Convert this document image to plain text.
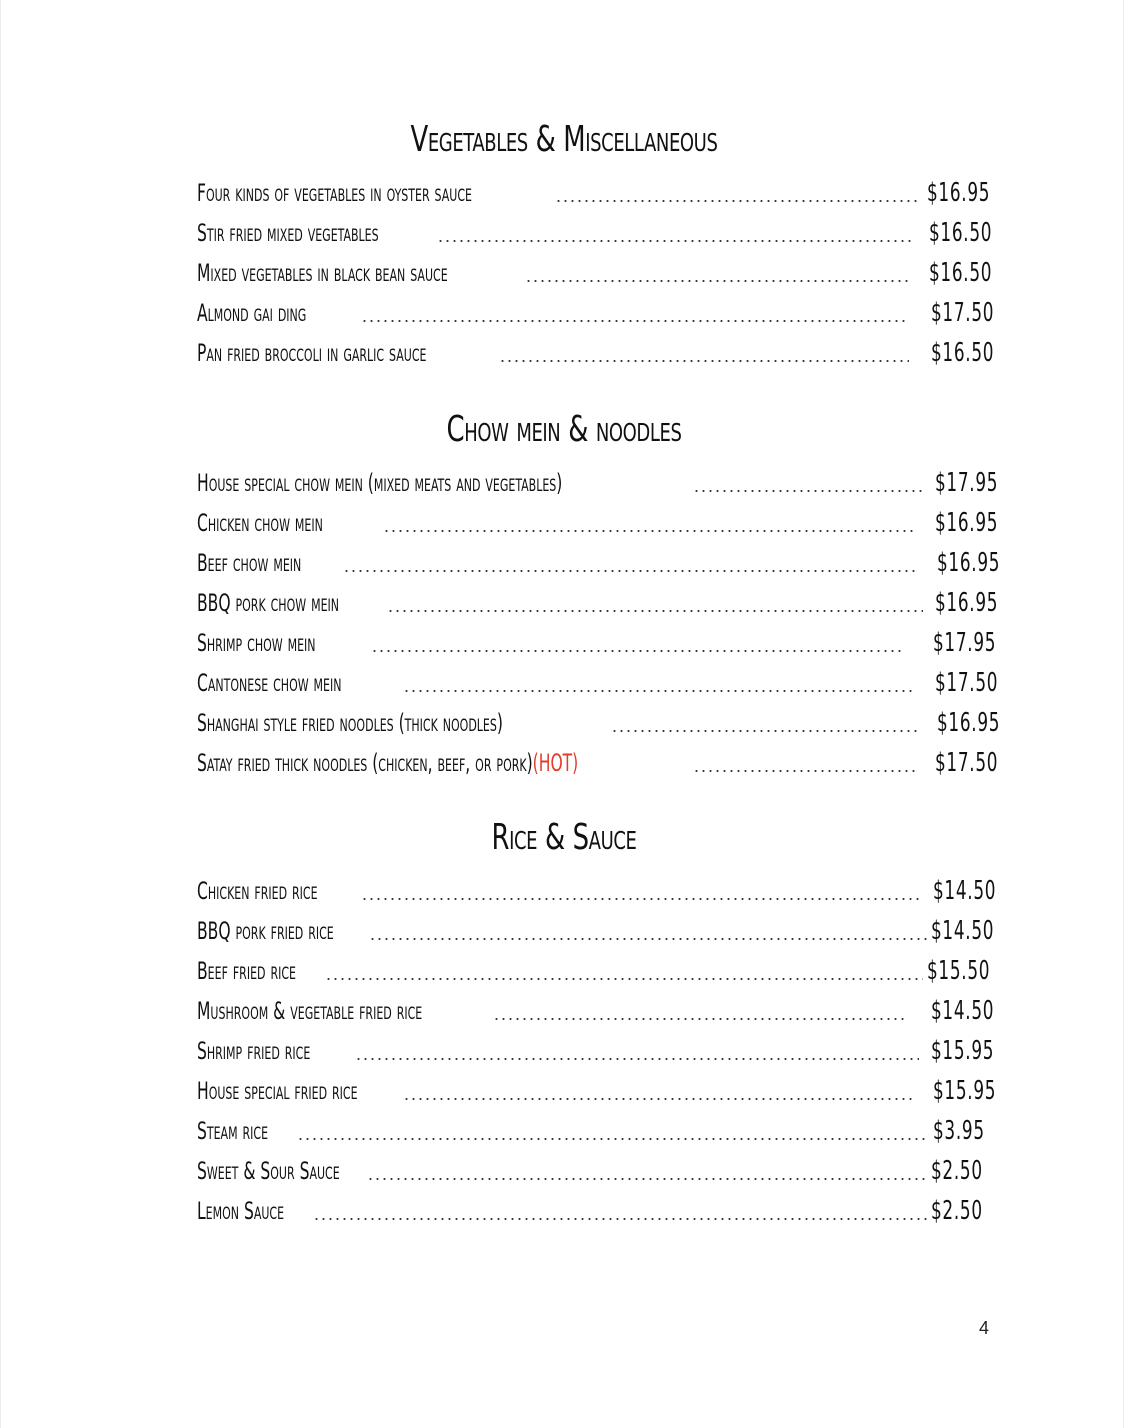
Vegetables & Miscellaneous
Four kinds of vegetables in oyster sauce	$16.95
Stir fried mixed vegetables	$16.50
Mixed vegetables in black bean sauce	$16.50
Almond gai ding	$17.50
Pan fried broccoli in garlic sauce	$16.50
Chow mein & noodles
House special chow mein (mixed meats and vegetables)	$17.95
Chicken chow mein	$16.95
Beef chow mein	$16.95
BBQ pork chow mein	$16.95
Shrimp chow mein	$17.95
Cantonese chow mein	$17.50
Shanghai style fried noodles (thick noodles)	$16.95
Satay fried thick noodles (chicken, beef, or pork)(HOT)	$17.50
Rice & Sauce
Chicken fried rice	$14.50
BBQ pork fried rice	$14.50
Beef fried rice	$15.50
Mushroom & vegetable fried rice	$14.50
Shrimp fried rice	$15.95
House special fried rice	$15.95
Steam rice	$3.95
Sweet & Sour Sauce	$2.50
Lemon Sauce	$2.50
4
